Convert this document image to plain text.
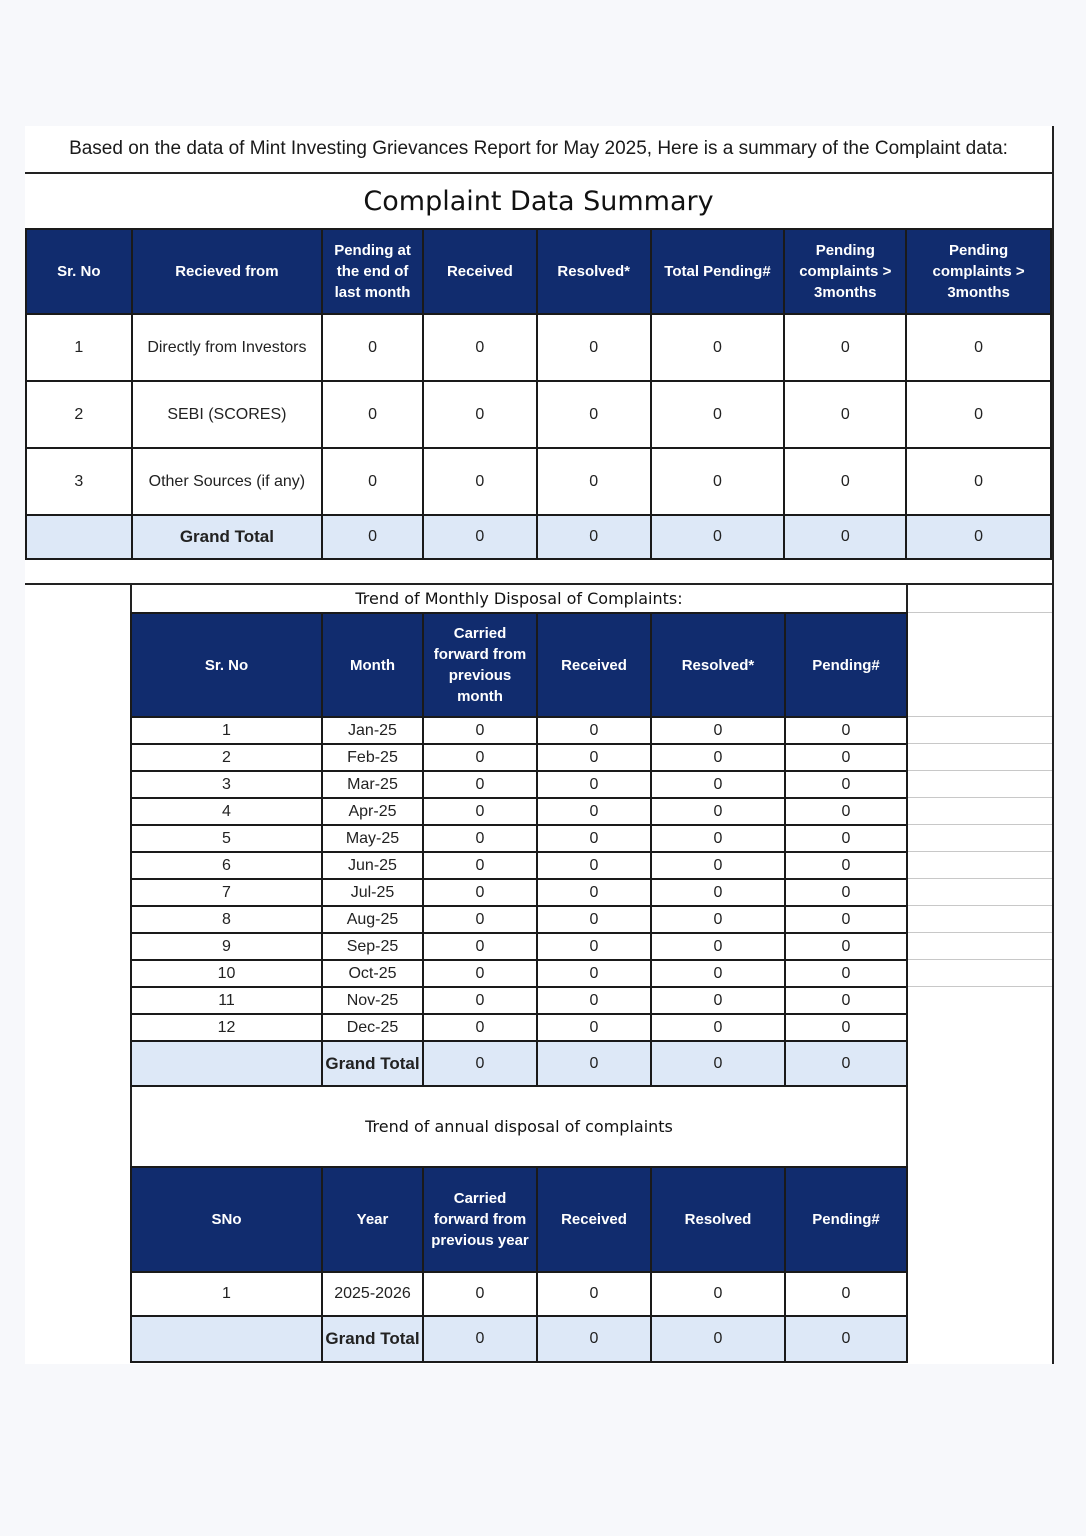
Based on the data of Mint Investing Grievances Report for May 2025, Here is a summary of the Complaint data:
Complaint Data Summary
Sr. No	Recieved from	Pending at the end of last month	Received	Resolved*	Total Pending#	Pending complaints > 3months	Pending complaints > 3months
1	Directly from Investors	0	0	0	0	0	0
2	SEBI (SCORES)	0	0	0	0	0	0
3	Other Sources (if any)	0	0	0	0	0	0
	Grand Total	0	0	0	0	0	0
Trend of Monthly Disposal of Complaints:
Sr. No	Month	Carried forward from previous month	Received	Resolved*	Pending#
1	Jan-25	0	0	0	0
2	Feb-25	0	0	0	0
3	Mar-25	0	0	0	0
4	Apr-25	0	0	0	0
5	May-25	0	0	0	0
6	Jun-25	0	0	0	0
7	Jul-25	0	0	0	0
8	Aug-25	0	0	0	0
9	Sep-25	0	0	0	0
10	Oct-25	0	0	0	0
11	Nov-25	0	0	0	0
12	Dec-25	0	0	0	0
	Grand Total	0	0	0	0
Trend of annual disposal of complaints
SNo	Year	Carried forward from previous year	Received	Resolved	Pending#
1	2025-2026	0	0	0	0
	Grand Total	0	0	0	0
